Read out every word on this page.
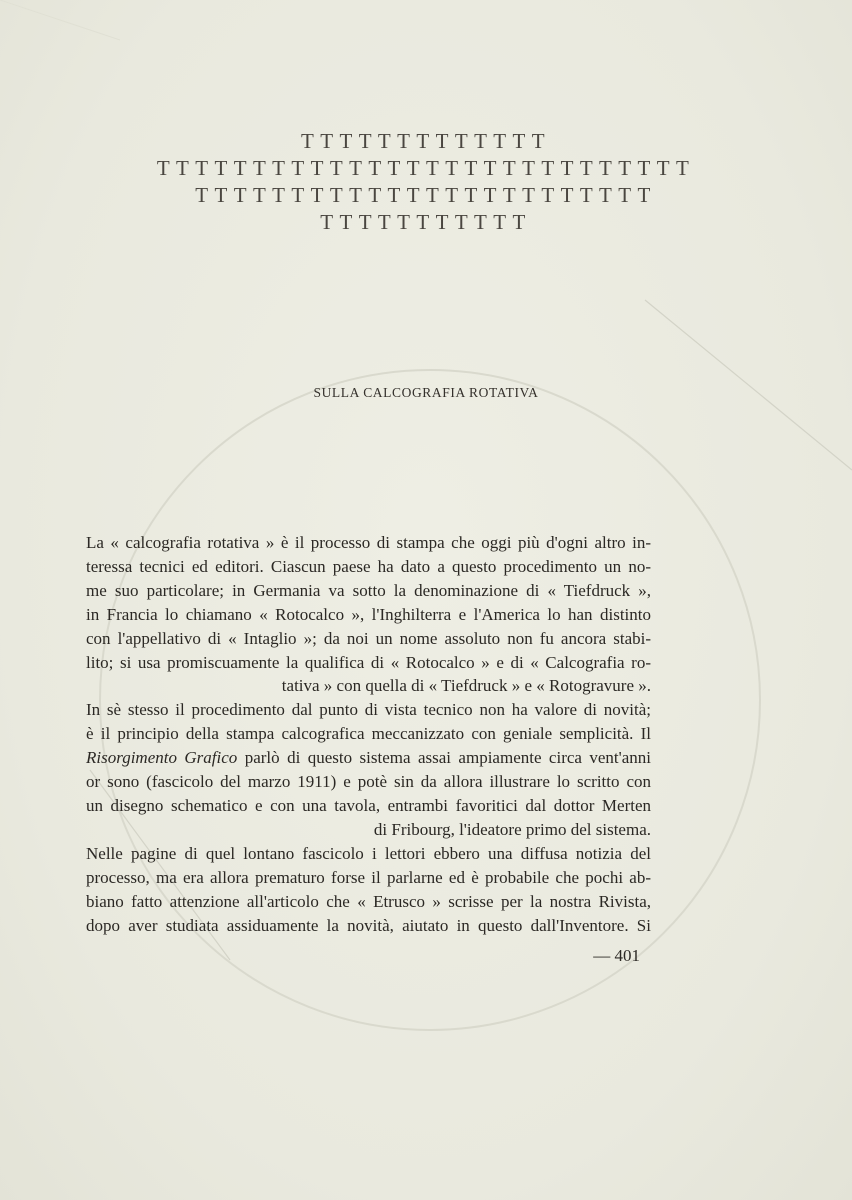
TTTTTTTTTTTTT
TTTTTTTTTTTTTTTTTTTTTTTTTTTT
TTTTTTTTTTTTTTTTTTTTTTTT
TTTTTTTTTTT
SULLA CALCOGRAFIA ROTATIVA
La « calcografia rotativa » è il processo di stampa che oggi più d'ogni altro in-
teressa tecnici ed editori. Ciascun paese ha dato a questo procedimento un no-
me suo particolare; in Germania va sotto la denominazione di « Tiefdruck »,
in Francia lo chiamano « Rotocalco », l'Inghilterra e l'America lo han distinto
con l'appellativo di « Intaglio »; da noi un nome assoluto non fu ancora stabi-
lito; si usa promiscuamente la qualifica di « Rotocalco » e di « Calcografia ro-
tativa » con quella di « Tiefdruck » e « Rotogravure ».
In sè stesso il procedimento dal punto di vista tecnico non ha valore di novità;
è il principio della stampa calcografica meccanizzato con geniale semplicità. Il
Risorgimento Grafico parlò di questo sistema assai ampiamente circa vent'anni
or sono (fascicolo del marzo 1911) e potè sin da allora illustrare lo scritto con
un disegno schematico e con una tavola, entrambi favoritici dal dottor Merten
di Fribourg, l'ideatore primo del sistema.
Nelle pagine di quel lontano fascicolo i lettori ebbero una diffusa notizia del
processo, ma era allora prematuro forse il parlarne ed è probabile che pochi ab-
biano fatto attenzione all'articolo che « Etrusco » scrisse per la nostra Rivista,
dopo aver studiata assiduamente la novità, aiutato in questo dall'Inventore. Si
— 401
